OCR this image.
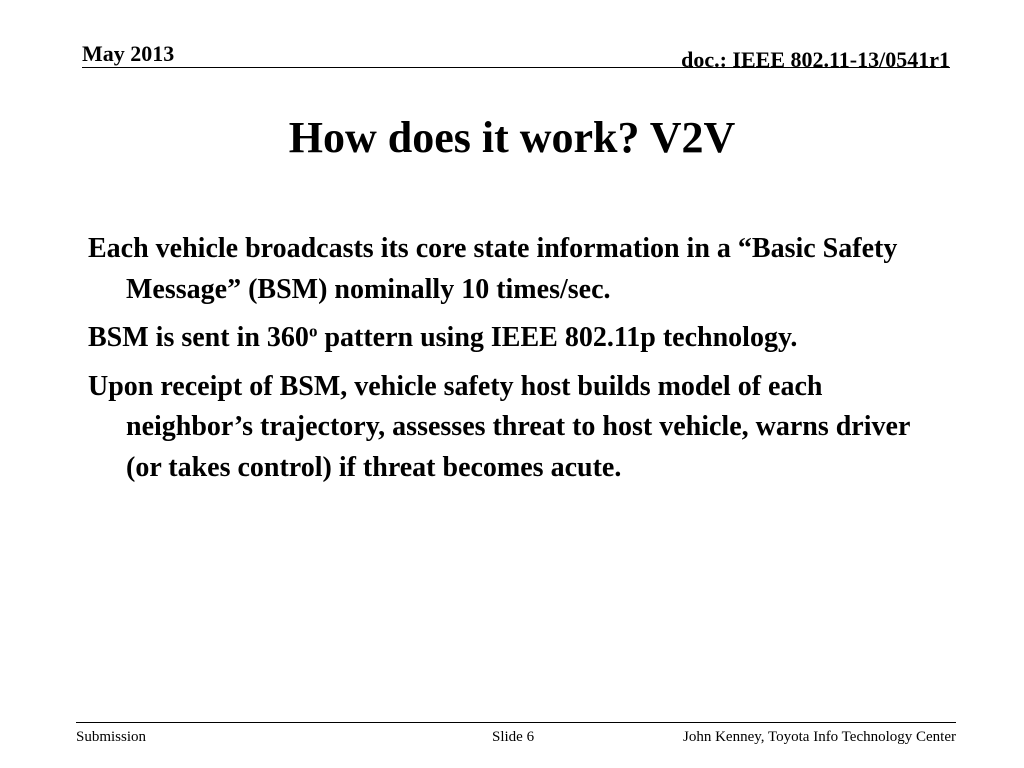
May 2013	doc.: IEEE 802.11-13/0541r1
How does it work? V2V
Each vehicle broadcasts its core state information in a “Basic Safety Message” (BSM) nominally 10 times/sec.
BSM is sent in 360$^o$ pattern using IEEE 802.11p technology.
Upon receipt of BSM, vehicle safety host builds model of each neighbor’s trajectory, assesses threat to host vehicle, warns driver (or takes control) if threat becomes acute.
Submission	Slide 6	John Kenney, Toyota Info Technology Center
